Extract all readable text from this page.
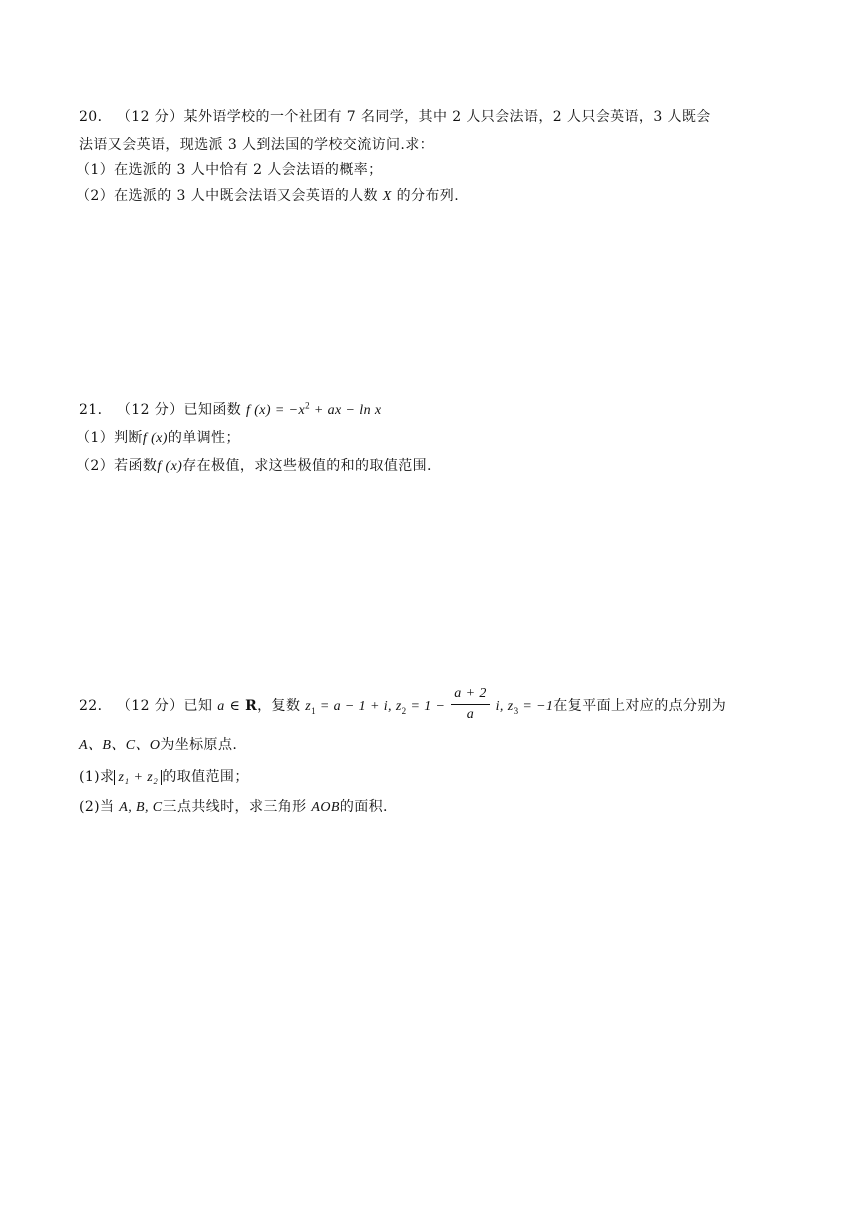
20． （12 分）某外语学校的一个社团有 7 名同学，其中 2 人只会法语，2 人只会英语，3 人既会
法语又会英语，现选派 3 人到法国的学校交流访问.求：
（1）在选派的 3 人中恰有 2 人会法语的概率；
（2）在选派的 3 人中既会法语又会英语的人数 X 的分布列.
21． （12 分）已知函数 f $(x) = -x^2$ + ax − ln x
（1）判断f (x)的单调性；
（2）若函数f (x)存在极值，求这些极值的和的取值范围.
22． （12 分）已知 a ∈ R，复数 $z_1 = a - 1 + i$, $z_2 = 1 - \frac{a + 2}{a} i$, $z_3 = -1$在复平面上对应的点分别为
A、B、C、O为坐标原点.
(1)求 z₁ + z₂ 的取值范围；
(2)当 A, B, C三点共线时，求三角形 AOB的面积.
